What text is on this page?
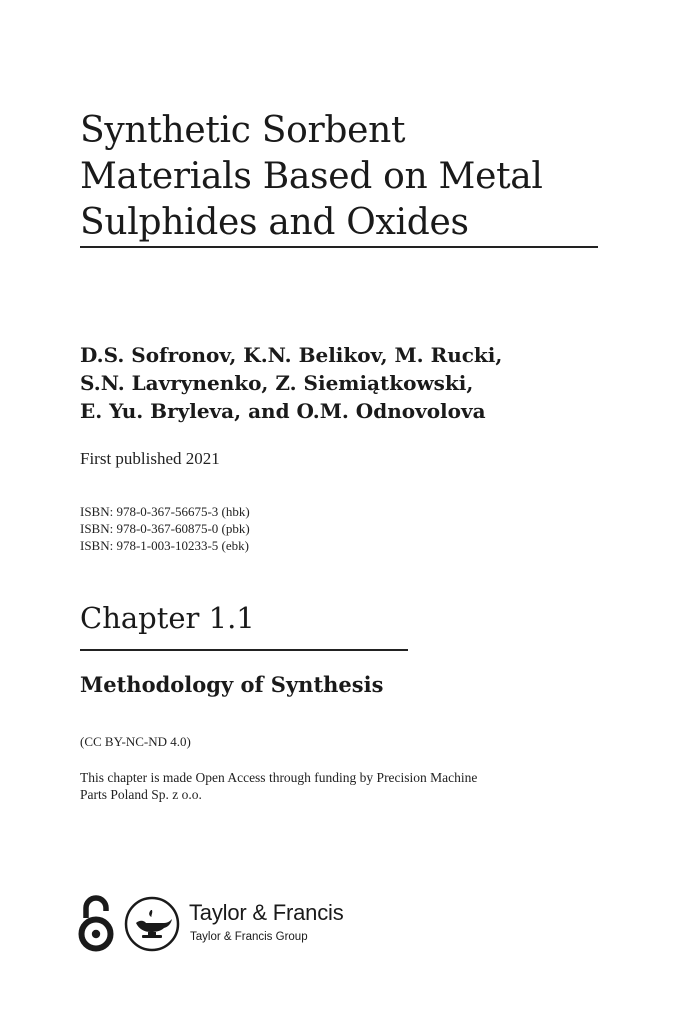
Synthetic Sorbent
Materials Based on Metal
Sulphides and Oxides
D.S. Sofronov, K.N. Belikov, M. Rucki,
S.N. Lavrynenko, Z. Siemiątkowski,
E. Yu. Bryleva, and O.M. Odnovolova
First published 2021
ISBN: 978-0-367-56675-3 (hbk)
ISBN: 978-0-367-60875-0 (pbk)
ISBN: 978-1-003-10233-5 (ebk)
Chapter 1.1
Methodology of Synthesis
(CC BY-NC-ND 4.0)
This chapter is made Open Access through funding by Precision Machine
Parts Poland Sp. z o.o.
Taylor & Francis
Taylor & Francis Group
